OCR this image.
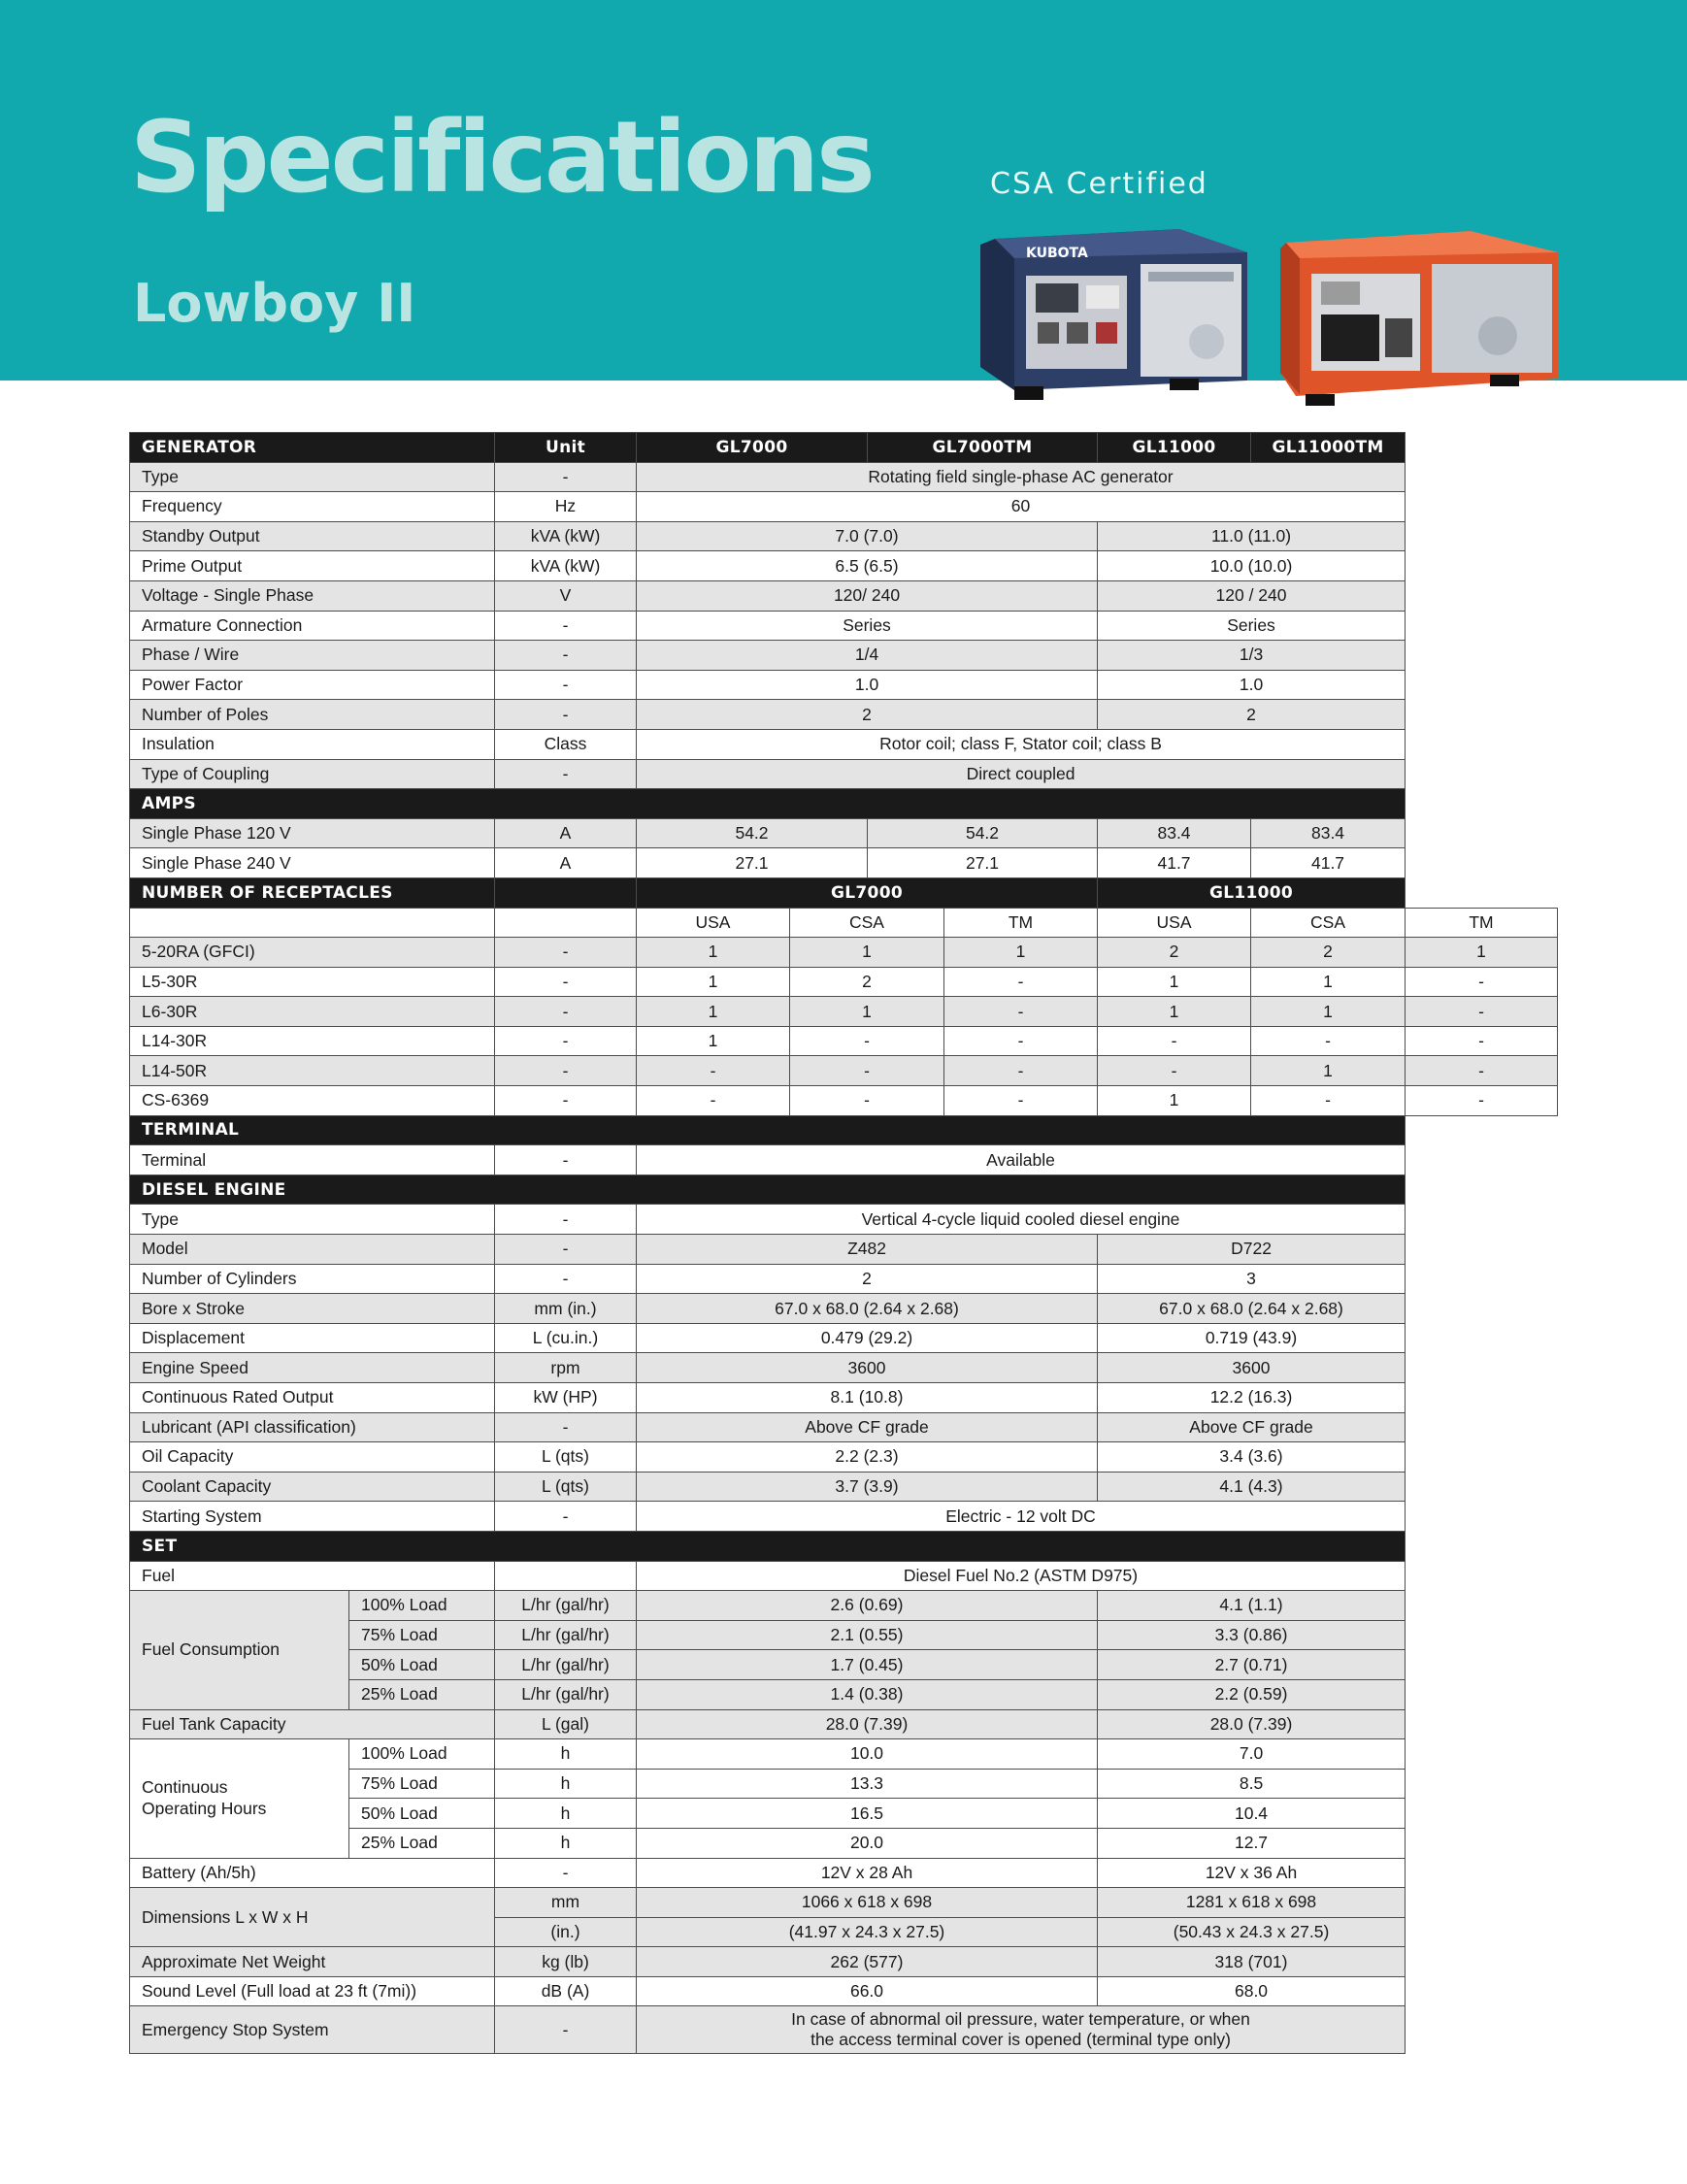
Specifications
Lowboy II
CSA Certified
KUBOTA
GENERATOR		Unit	GL7000		GL7000TM		GL11000	GL11000TM	
Type		-	Rotating field single-phase AC generator						
Frequency		Hz	60						
Standby Output		kVA (kW)	7.0 (7.0)				11.0 (11.0)		
Prime Output		kVA (kW)	6.5 (6.5)				10.0 (10.0)		
Voltage - Single Phase		V	120/ 240				120 / 240		
Armature Connection		-	Series				Series		
Phase / Wire		-	1/4				1/3		
Power Factor		-	1.0				1.0		
Number of Poles		-	2				2		
Insulation		Class	Rotor coil; class F, Stator coil; class B						
Type of Coupling		-	Direct coupled						
AMPS									
Single Phase 120 V		A	54.2		54.2		83.4	83.4	
Single Phase 240 V		A	27.1		27.1		41.7	41.7	
NUMBER OF RECEPTACLES			GL7000				GL11000		
			USA	CSA		TM	USA	CSA	TM
5-20RA (GFCI)		-	1	1		1	2	2	1
L5-30R		-	1	2		-	1	1	-
L6-30R		-	1	1		-	1	1	-
L14-30R		-	1	-		-	-	-	-
L14-50R		-	-	-		-	-	1	-
CS-6369		-	-	-		-	1	-	-
TERMINAL									
Terminal		-	Available						
DIESEL ENGINE									
Type		-	Vertical 4-cycle liquid cooled diesel engine						
Model		-	Z482				D722		
Number of Cylinders		-	2				3		
Bore x Stroke		mm (in.)	67.0 x 68.0 (2.64 x 2.68)				67.0 x 68.0 (2.64 x 2.68)		
Displacement		L (cu.in.)	0.479 (29.2)				0.719 (43.9)		
Engine Speed		rpm	3600				3600		
Continuous Rated Output		kW (HP)	8.1 (10.8)				12.2 (16.3)		
Lubricant (API classification)		-	Above CF grade				Above CF grade		
Oil Capacity		L (qts)	2.2 (2.3)				3.4 (3.6)		
Coolant Capacity		L (qts)	3.7 (3.9)				4.1 (4.3)		
Starting System		-	Electric - 12 volt DC						
SET									
Fuel			Diesel Fuel No.2 (ASTM D975)						
Fuel Consumption	100% Load	L/hr (gal/hr)	2.6 (0.69)				4.1 (1.1)		
	75% Load	L/hr (gal/hr)	2.1 (0.55)				3.3 (0.86)		
	50% Load	L/hr (gal/hr)	1.7 (0.45)				2.7 (0.71)		
	25% Load	L/hr (gal/hr)	1.4 (0.38)				2.2 (0.59)		
Fuel Tank Capacity		L (gal)	28.0 (7.39)				28.0 (7.39)		

Continuous
Operating Hours	100% Load	h	10.0				7.0		
	75% Load	h	13.3				8.5		
	50% Load	h	16.5				10.4		
	25% Load	h	20.0				12.7		
Battery (Ah/5h)		-	12V x 28 Ah				12V x 36 Ah		
Dimensions L x W x H		mm	1066 x 618 x 698				1281 x 618 x 698		
		(in.)	(41.97 x 24.3 x 27.5)				(50.43 x 24.3 x 27.5)		
Approximate Net Weight		kg (lb)	262 (577)				318 (701)		
Sound Level (Full load at 23 ft (7mi))		dB (A)	66.0				68.0		
Emergency Stop System		-	In case of abnormal oil pressure, water temperature, or when
the access terminal cover is opened (terminal type only)						
